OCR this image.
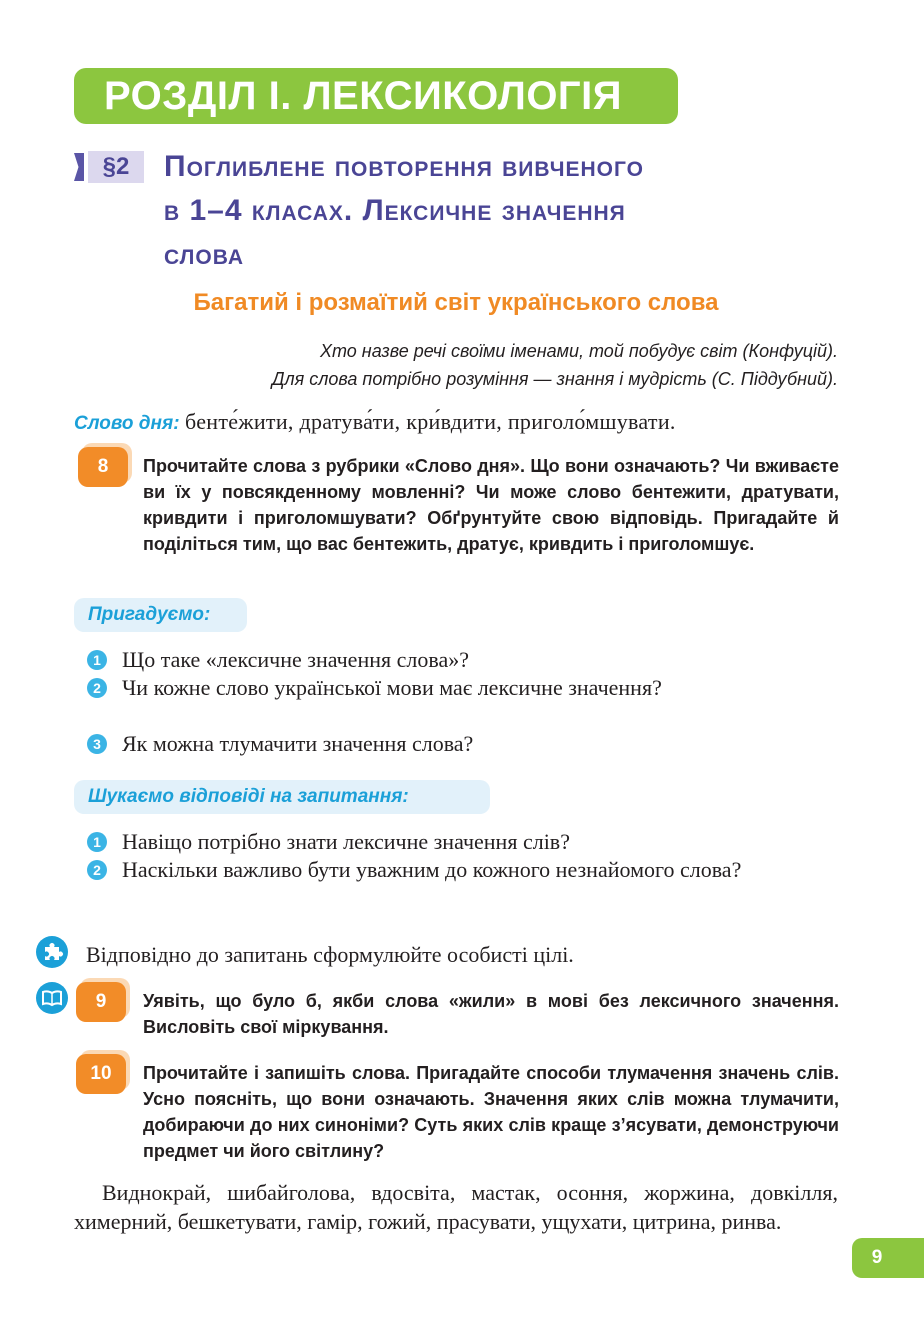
РОЗДІЛ І. ЛЕКСИКОЛОГІЯ
§2	Поглиблене повторення вивченого
в 1–4 класах. Лексичне значення
слова
Багатий і розмаїтий світ українського слова
Хто назве речі своїми іменами, той побудує світ (Конфуцій).
Для слова потрібно розуміння — знання і мудрість (С. Піддубний).
Слово дня: бенте́жити, дратува́ти, кри́вдити, приголо́мшувати.
8	Прочитайте слова з рубрики «Слово дня». Що вони означають? Чи вживаєте ви їх у повсякденному мовленні? Чи може слово бентежити, дратувати, кривдити і приголомшувати? Обґрунтуйте свою відповідь. Пригадайте й поділіться тим, що вас бентежить, дратує, кривдить і приголомшує.
Пригадуємо:
1 Що таке «лексичне значення слова»?
2 Чи кожне слово української мови має лексичне значення?
3 Як можна тлумачити значення слова?
Шукаємо відповіді на запитання:
1 Навіщо потрібно знати лексичне значення слів?
2 Наскільки важливо бути уважним до кожного незнайомого слова?
Відповідно до запитань сформулюйте особисті цілі.
9	Уявіть, що було б, якби слова «жили» в мові без лексичного значення. Висловіть свої міркування.
10	Прочитайте і запишіть слова. Пригадайте способи тлумачення значень слів. Усно поясніть, що вони означають. Значення яких слів можна тлумачити, добираючи до них синоніми? Суть яких слів краще з’ясувати, демонструючи предмет чи його світлину?
Виднокрай, шибайголова, вдосвіта, мастак, осоння, жоржина, довкілля, химерний, бешкетувати, гамір, гожий, прасувати, ущухати, цитрина, ринва.
9
